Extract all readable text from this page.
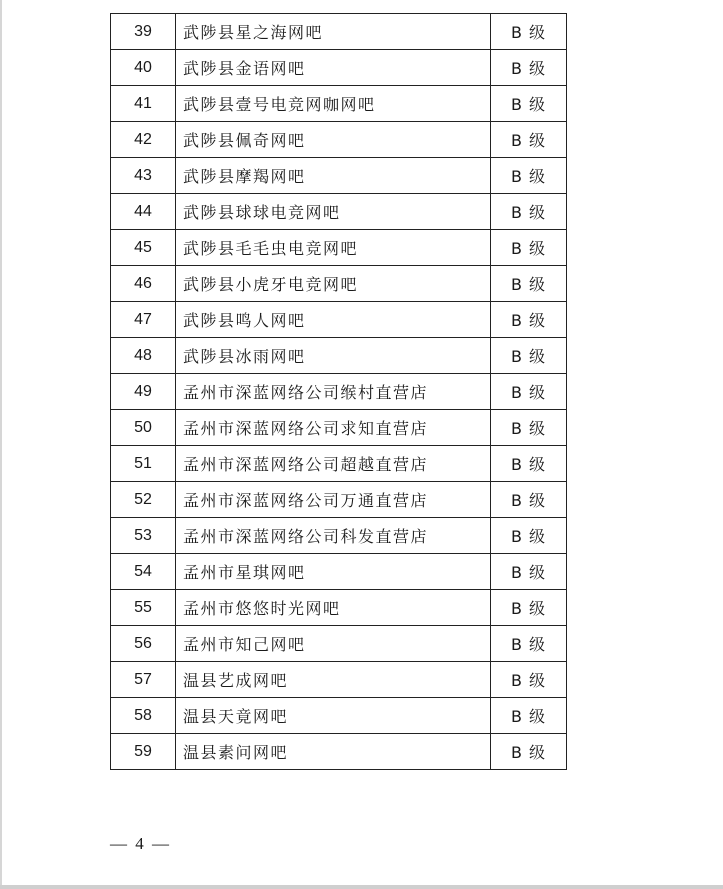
39	武陟县星之海网吧	B 级
40	武陟县金语网吧	B 级
41	武陟县壹号电竞网咖网吧	B 级
42	武陟县佩奇网吧	B 级
43	武陟县摩羯网吧	B 级
44	武陟县球球电竞网吧	B 级
45	武陟县毛毛虫电竞网吧	B 级
46	武陟县小虎牙电竞网吧	B 级
47	武陟县鸣人网吧	B 级
48	武陟县冰雨网吧	B 级
49	孟州市深蓝网络公司缑村直营店	B 级
50	孟州市深蓝网络公司求知直营店	B 级
51	孟州市深蓝网络公司超越直营店	B 级
52	孟州市深蓝网络公司万通直营店	B 级
53	孟州市深蓝网络公司科发直营店	B 级
54	孟州市星琪网吧	B 级
55	孟州市悠悠时光网吧	B 级
56	孟州市知己网吧	B 级
57	温县艺成网吧	B 级
58	温县天竟网吧	B 级
59	温县素问网吧	B 级
— 4 —
